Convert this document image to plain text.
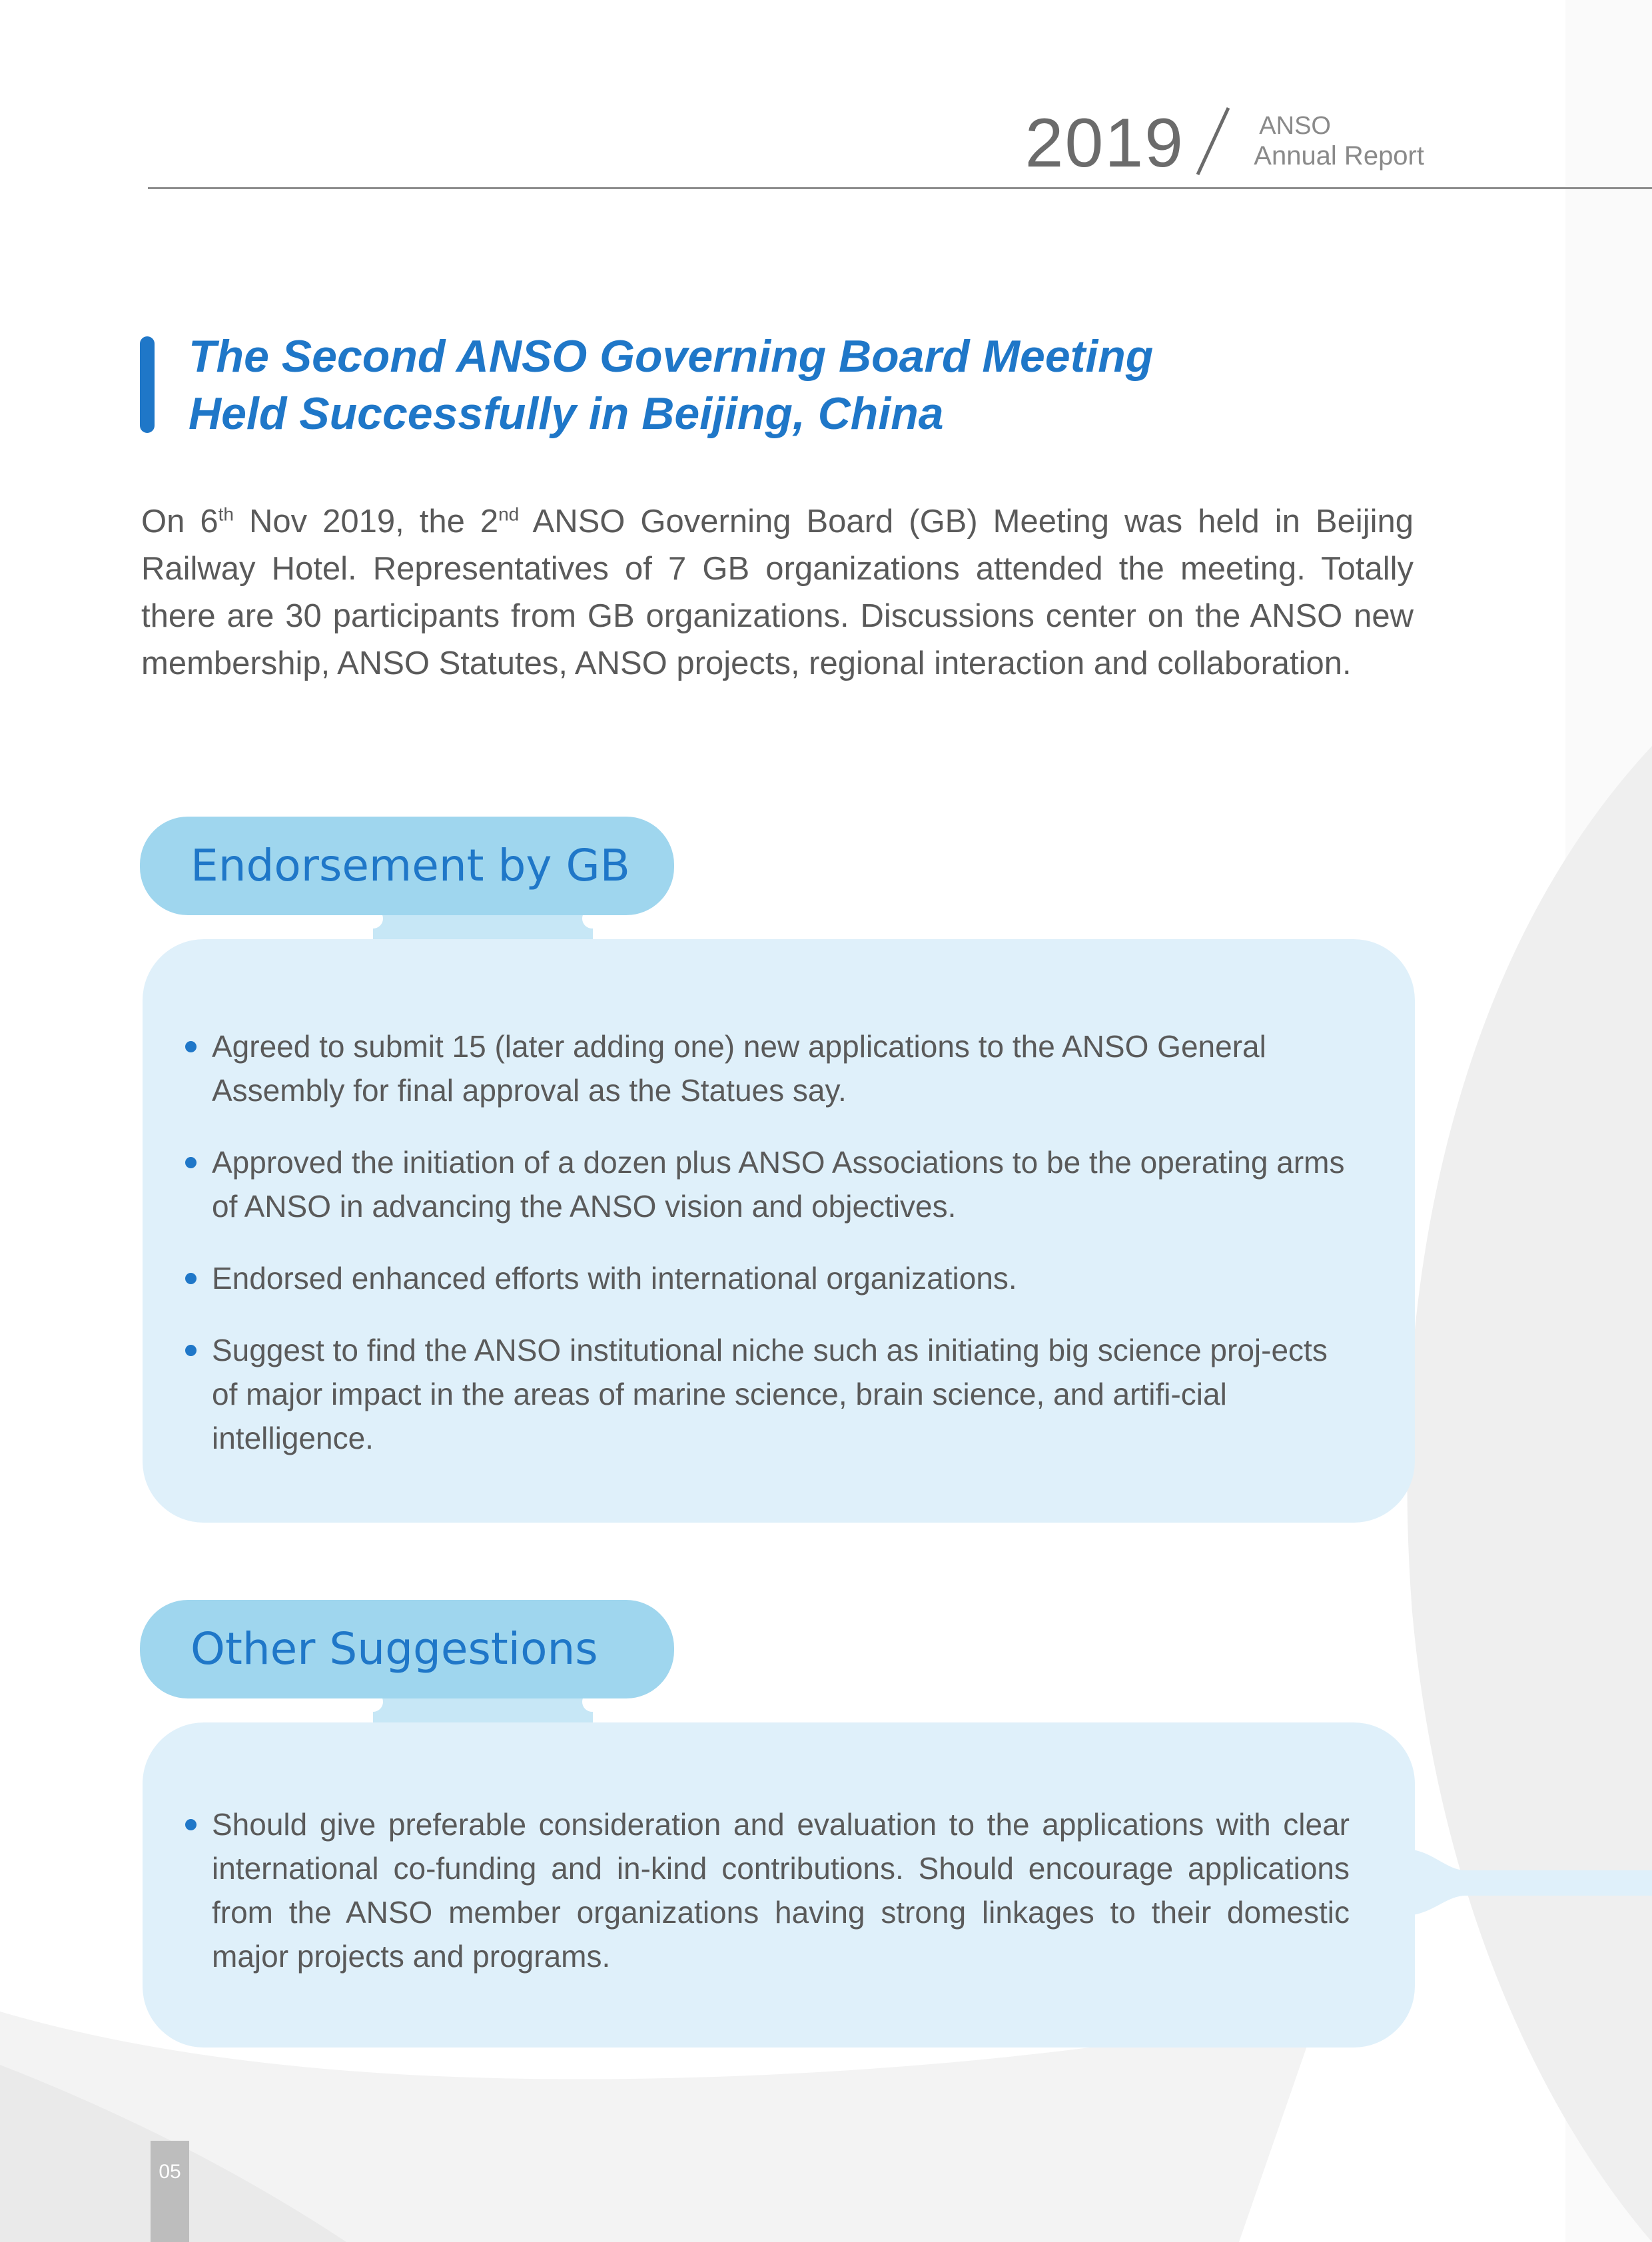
2019	ANSO
Annual Report
The Second ANSO Governing Board Meeting
Held Successfully in Beijing, China

On 6th Nov 2019, the 2nd ANSO Governing Board (GB) Meeting was held in Beijing Railway Hotel. Representatives of 7 GB organizations attended the meeting. Totally there are 30 participants from GB organizations. Discussions center on the ANSO new membership, ANSO Statutes, ANSO projects, regional interaction and collaboration.

Endorsement by GB
Agreed to submit 15 (later adding one) new applications to the ANSO General Assembly for final approval as the Statues say.
Approved the initiation of a dozen plus ANSO Associations to be the operating arms of ANSO in advancing the ANSO vision and objectives.
Endorsed enhanced efforts with international organizations.
Suggest to find the ANSO institutional niche such as initiating big science proj-ects of major impact in the areas of marine science, brain science, and artifi-cial intelligence.
Other Suggestions
Should give preferable consideration and evaluation to the applications with clear international co-funding and in-kind contributions. Should encourage applications from the ANSO member organizations having strong linkages to their domestic major projects and programs.
05
